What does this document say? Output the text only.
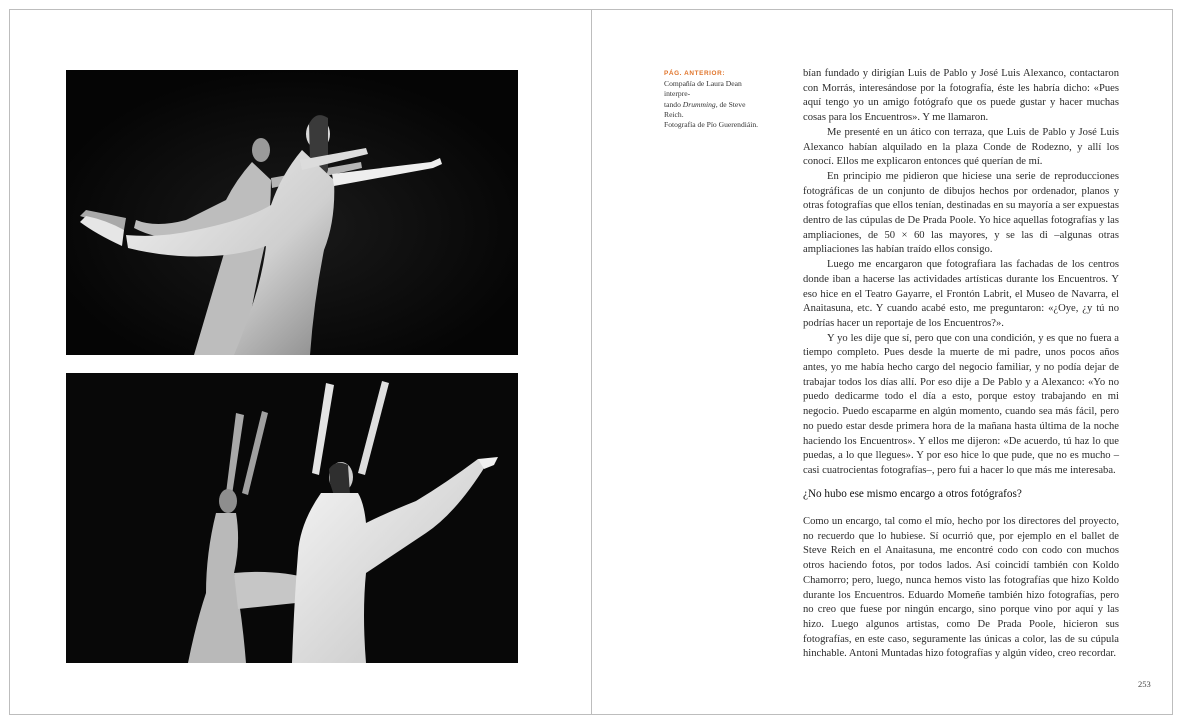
PÁG. ANTERIOR:
Compañía de Laura Dean interpre-
tando Drumming, de Steve Reich.
Fotografía de Pío Guerendiáin.

bían fundado y dirigían Luis de Pablo y José Luis Alexanco, contactaron con Morrás, interesándose por la fotografía, éste les habría dicho: «Pues aquí tengo yo un amigo fotógrafo que os puede gustar y hacer muchas cosas para los Encuentros». Y me llamaron.

Me presenté en un ático con terraza, que Luis de Pablo y José Luis Alexanco habían alquilado en la plaza Conde de Rodezno, y allí los conocí. Ellos me explicaron entonces qué querían de mí.

En principio me pidieron que hiciese una serie de reproducciones fotográficas de un conjunto de dibujos hechos por ordenador, planos y otras fotografías que ellos tenían, destinadas en su mayoría a ser expuestas dentro de las cúpulas de De Prada Poole. Yo hice aquellas fotografías y las ampliaciones, de 50 × 60 las mayores, y se las di –algunas otras ampliaciones las habían traído ellos consigo.

Luego me encargaron que fotografiara las fachadas de los centros donde iban a hacerse las actividades artísticas durante los Encuentros. Y eso hice en el Teatro Gayarre, el Frontón Labrit, el Museo de Navarra, el Anaitasuna, etc. Y cuando acabé esto, me preguntaron: «¿Oye, ¿y tú no podrías hacer un reportaje de los Encuentros?».

Y yo les dije que sí, pero que con una condición, y es que no fuera a tiempo completo. Pues desde la muerte de mi padre, unos pocos años antes, yo me había hecho cargo del negocio familiar, y no podía dejar de trabajar todos los días allí. Por eso dije a De Pablo y a Alexanco: «Yo no puedo dedicarme todo el día a esto, porque estoy trabajando en mi negocio. Puedo escaparme en algún momento, cuando sea más fácil, pero no puedo estar desde primera hora de la mañana hasta última de la noche haciendo los Encuentros». Y ellos me dijeron: «De acuerdo, tú haz lo que puedas, a lo que llegues». Y por eso hice lo que pude, que no es mucho –casi cuatrocientas fotografías–, pero fui a hacer lo que más me interesaba.

¿No hubo ese mismo encargo a otros fotógrafos?

Como un encargo, tal como el mío, hecho por los directores del proyecto, no recuerdo que lo hubiese. Sí ocurrió que, por ejemplo en el ballet de Steve Reich en el Anaitasuna, me encontré codo con codo con muchos otros haciendo fotos, por todos lados. Así coincidí también con Koldo Chamorro; pero, luego, nunca hemos visto las fotografías que hizo Koldo durante los Encuentros. Eduardo Momeñe también hizo fotografías, pero no creo que fuese por ningún encargo, sino porque vino por aquí y las hizo. Luego algunos artistas, como De Prada Poole, hicieron sus fotografías, en este caso, seguramente las únicas a color, las de su cúpula hinchable. Antoni Muntadas hizo fotografías y algún vídeo, creo recordar.

253
